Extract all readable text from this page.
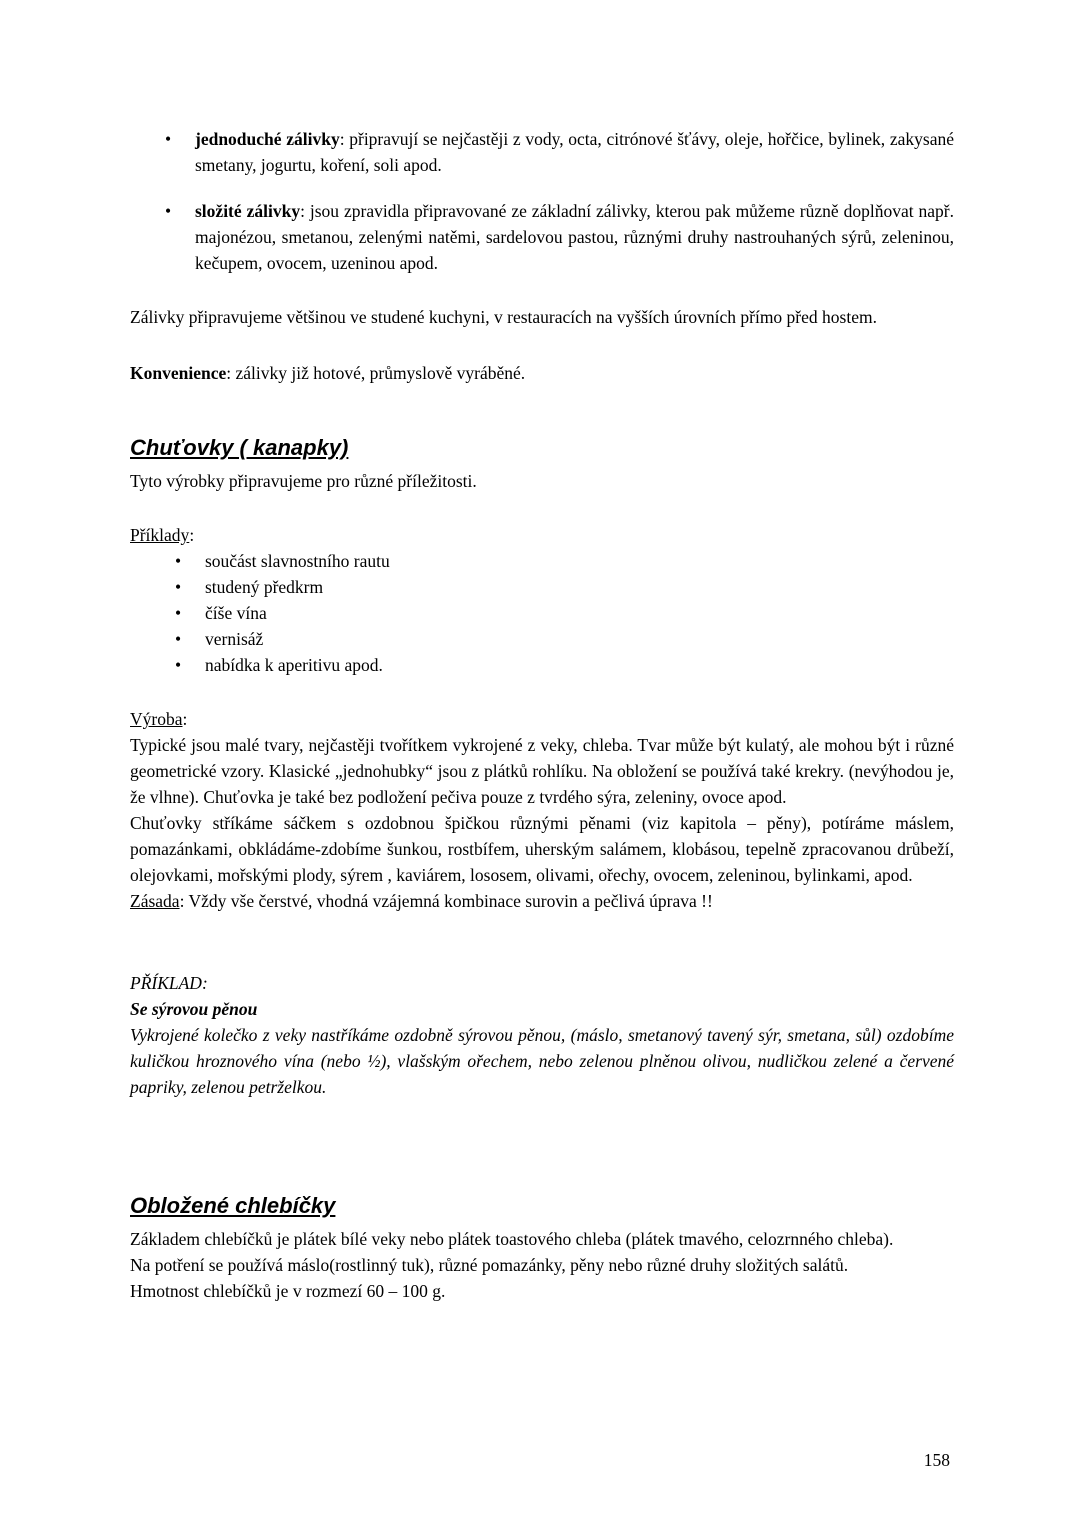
• jednoduché zálivky: připravují se nejčastěji z vody, octa, citrónové šťávy, oleje, hořčice, bylinek, zakysané smetany, jogurtu, koření, soli apod.
• složité zálivky: jsou zpravidla připravované ze základní zálivky, kterou pak můžeme různě doplňovat např. majonézou, smetanou, zelenými natěmi, sardelovou pastou, různými druhy nastrouhaných sýrů, zeleninou, kečupem, ovocem, uzeninou apod.

Zálivky připravujeme většinou ve studené kuchyni, v restauracích na vyšších úrovních přímo před hostem.

Konvenience: zálivky již hotové, průmyslově vyráběné.

Chuťovky ( kanapky)

Tyto výrobky připravujeme pro různé příležitosti.

Příklady:

• součást slavnostního rautu
• studený předkrm
• číše vína
• vernisáž
• nabídka k aperitivu apod.

Výroba:

Typické jsou malé tvary, nejčastěji tvořítkem vykrojené z veky, chleba. Tvar může být kulatý, ale mohou být i různé geometrické vzory. Klasické „jednohubky“ jsou z plátků rohlíku. Na obložení se používá také krekry. (nevýhodou je, že vlhne). Chuťovka je také bez podložení pečiva pouze z tvrdého sýra, zeleniny, ovoce apod.

Chuťovky stříkáme sáčkem s ozdobnou špičkou různými pěnami (viz kapitola – pěny), potíráme máslem, pomazánkami, obkládáme-zdobíme šunkou, rostbífem, uherským salámem, klobásou, tepelně zpracovanou drůbeží, olejovkami, mořskými plody, sýrem , kaviárem, lososem, olivami, ořechy, ovocem, zeleninou, bylinkami, apod.

Zásada: Vždy vše čerstvé, vhodná vzájemná kombinace surovin a pečlivá úprava !!

PŘÍKLAD:

Se sýrovou pěnou

Vykrojené kolečko z veky nastříkáme ozdobně sýrovou pěnou, (máslo, smetanový tavený sýr, smetana, sůl) ozdobíme kuličkou hroznového vína (nebo ½), vlašským ořechem, nebo zelenou plněnou olivou, nudličkou zelené a červené papriky, zelenou petrželkou.

Obložené chlebíčky

Základem chlebíčků je plátek bílé veky nebo plátek toastového chleba (plátek tmavého, celozrnného chleba).

Na potření se používá máslo(rostlinný tuk), různé pomazánky, pěny nebo různé druhy složitých salátů.

Hmotnost chlebíčků je v rozmezí 60 – 100 g.

158
